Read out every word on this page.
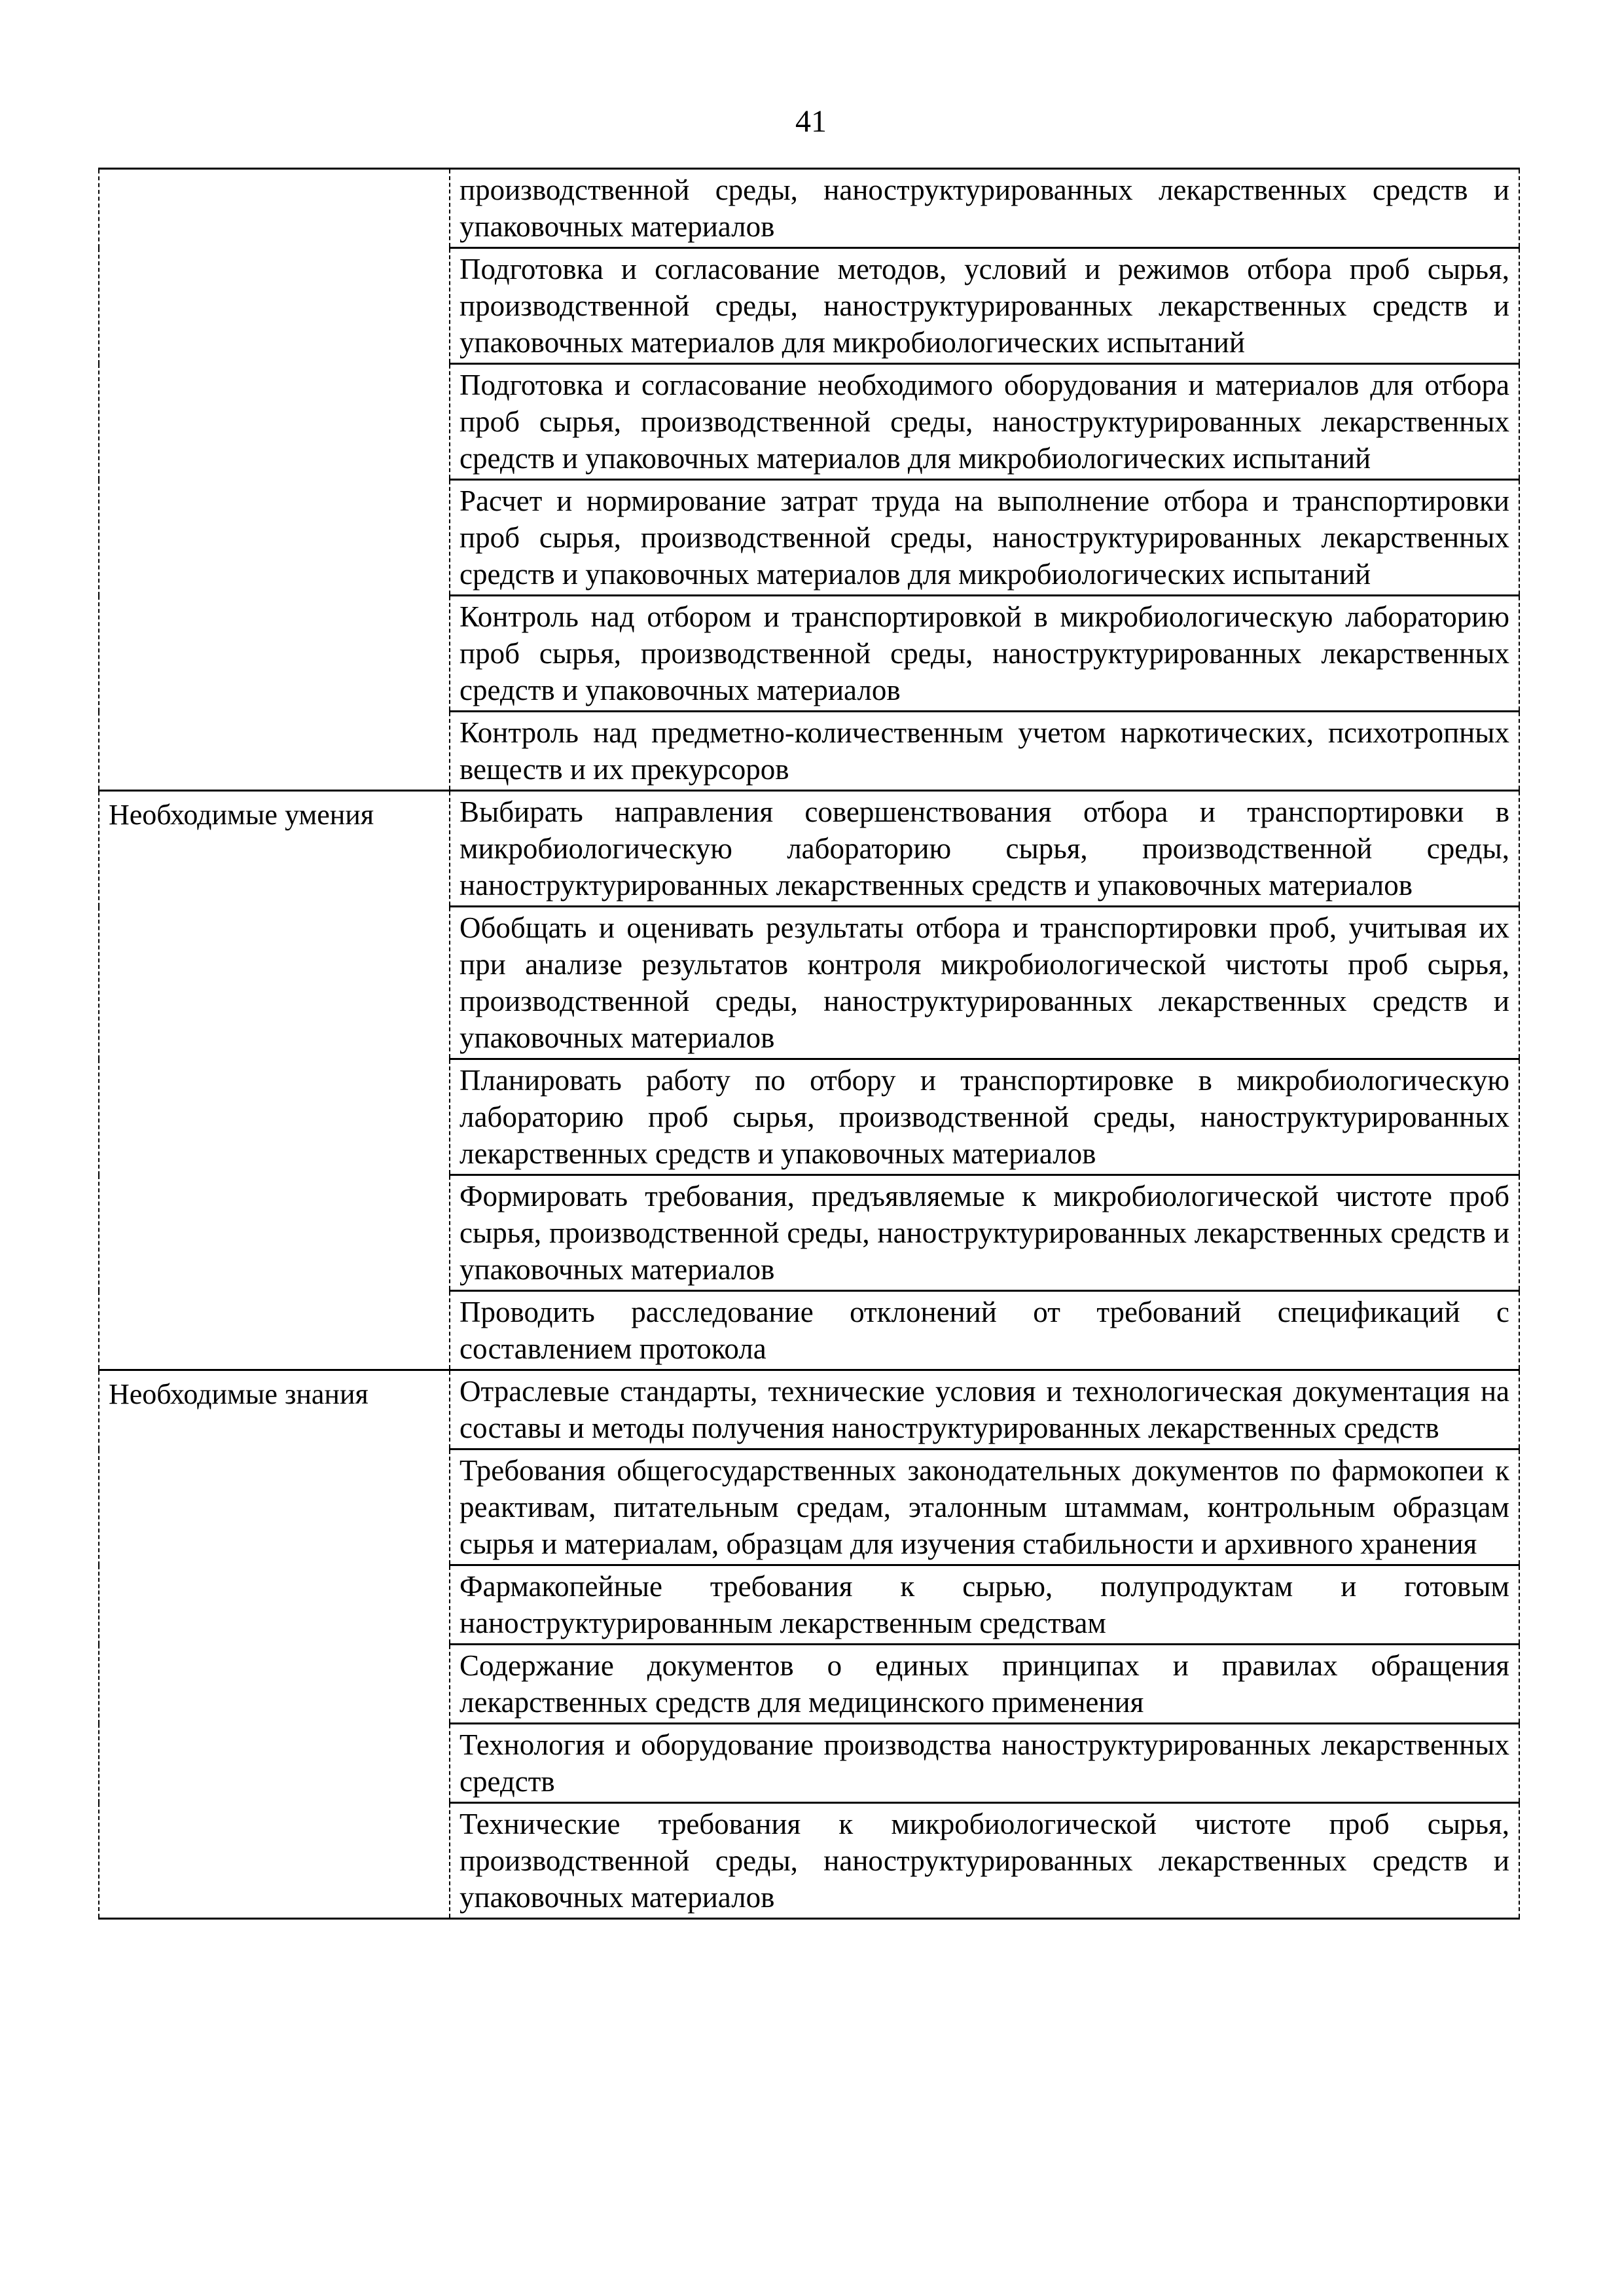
41

	производственной среды, наноструктурированных лекарственных средств и упаковочных материалов

	Подготовка и согласование методов, условий и режимов отбора проб сырья, производственной среды, наноструктурированных лекарственных средств и упаковочных материалов для микробиологических испытаний

	Подготовка и согласование необходимого оборудования и материалов для отбора проб сырья, производственной среды, наноструктурированных лекарственных средств и упаковочных материалов для микробиологических испытаний

	Расчет и нормирование затрат труда на выполнение отбора и транспортировки проб сырья, производственной среды, наноструктурированных лекарственных средств и упаковочных материалов для микробиологических испытаний

	Контроль над отбором и транспортировкой в микробиологическую лабораторию проб сырья, производственной среды, наноструктурированных лекарственных средств и упаковочных материалов

	Контроль над предметно-количественным учетом наркотических, психотропных веществ и их прекурсоров

Необходимые умения	Выбирать направления совершенствования отбора и транспортировки в микробиологическую лабораторию сырья, производственной среды, наноструктурированных лекарственных средств и упаковочных материалов

	Обобщать и оценивать результаты отбора и транспортировки проб, учитывая их при анализе результатов контроля микробиологической чистоты проб сырья, производственной среды, наноструктурированных лекарственных средств и упаковочных материалов

	Планировать работу по отбору и транспортировке в микробиологическую лабораторию проб сырья, производственной среды, наноструктурированных лекарственных средств и упаковочных материалов

	Формировать требования, предъявляемые к микробиологической чистоте проб сырья, производственной среды, наноструктурированных лекарственных средств и упаковочных материалов

	Проводить расследование отклонений от требований спецификаций с составлением протокола

Необходимые знания	Отраслевые стандарты, технические условия и технологическая документация на составы и методы получения наноструктурированных лекарственных средств

	Требования общегосударственных законодательных документов по фармокопеи к реактивам, питательным средам, эталонным штаммам, контрольным образцам сырья и материалам, образцам для изучения стабильности и архивного хранения

	Фармакопейные требования к сырью, полупродуктам и готовым наноструктурированным лекарственным средствам

	Содержание документов о единых принципах и правилах обращения лекарственных средств для медицинского применения

	Технология и оборудование производства наноструктурированных лекарственных средств

	Технические требования к микробиологической чистоте проб сырья, производственной среды, наноструктурированных лекарственных средств и упаковочных материалов
